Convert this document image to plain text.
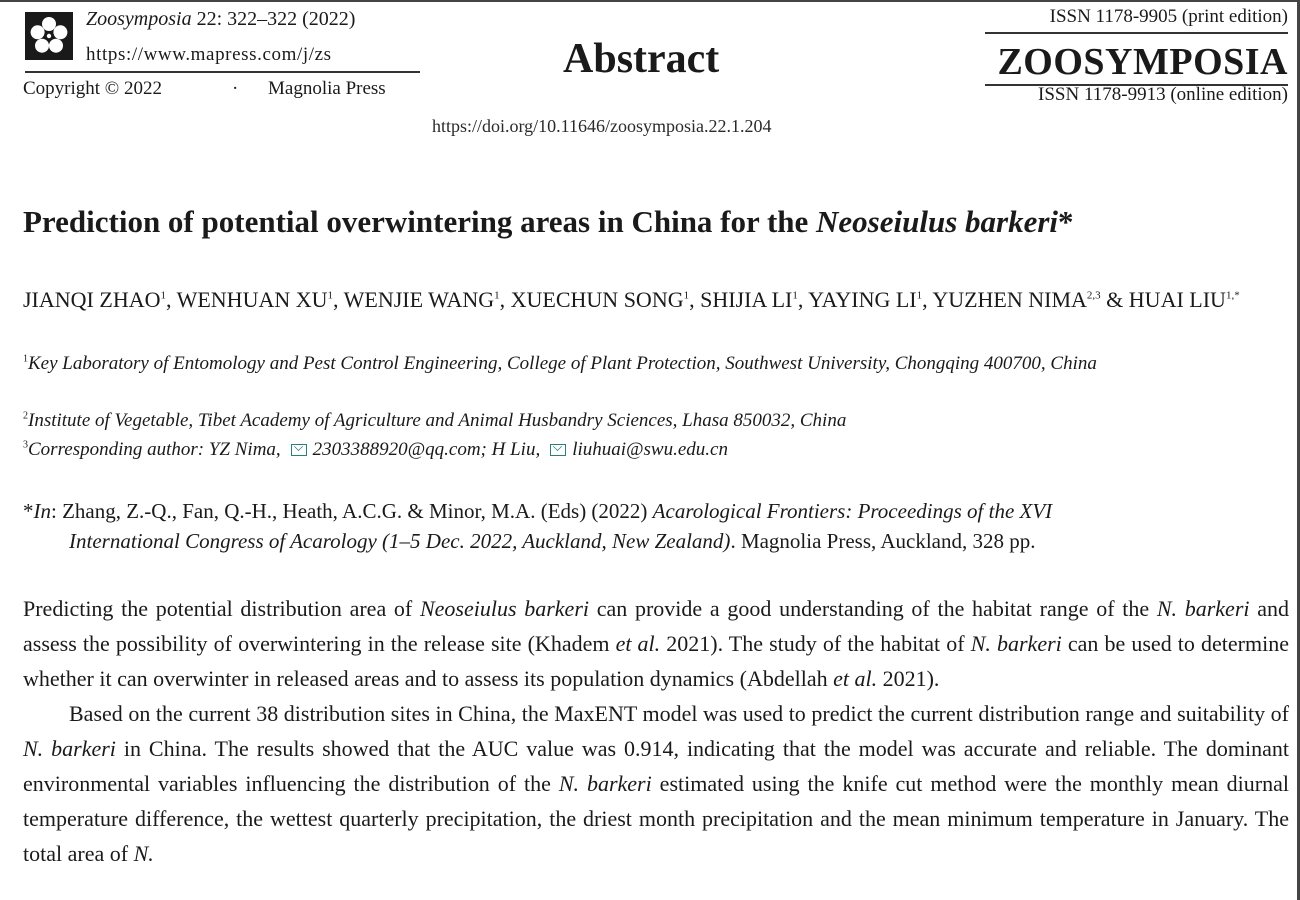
Zoosymposia 22: 322–322 (2022)
https://www.mapress.com/j/zs
Copyright © 2022	· Magnolia Press
Abstract
https://doi.org/10.11646/zoosymposia.22.1.204
ISSN 1178-9905 (print edition)
ZOOSYMPOSIA
ISSN 1178-9913 (online edition)
Prediction of potential overwintering areas in China for the Neoseiulus barkeri*
JIANQI ZHAO$^1$, WENHUAN $XU^1$, WENJIE WANG$^1$, XUECHUN SONG$^1$, SHIJIA $LI^1$, YAYING $LI^1$, YUZHEN NIMA$^{2,3}$ & HUAI $LIU^{1,*}$
$^1$Key Laboratory of Entomology and Pest Control Engineering, College of Plant Protection, Southwest University, Chongqing 400700, China
$^2$Institute of Vegetable, Tibet Academy of Agriculture and Animal Husbandry Sciences, Lhasa 850032, China
$^3$Corresponding author: YZ Nima, 2303388920@qq.com; H Liu, liuhuai@swu.edu.cn
*In: Zhang, Z.-Q., Fan, Q.-H., Heath, A.C.G. & Minor, M.A. (Eds) (2022) Acarological Frontiers: Proceedings of the XVI
International Congress of Acarology (1–5 Dec. 2022, Auckland, New Zealand). Magnolia Press, Auckland, 328 pp.

Predicting the potential distribution area of Neoseiulus barkeri can provide a good understanding of the habitat range of the N. barkeri and assess the possibility of overwintering in the release site (Khadem et al. 2021). The study of the habitat of N. barkeri can be used to determine whether it can overwinter in released areas and to assess its population dynamics (Abdellah et al. 2021).

Based on the current 38 distribution sites in China, the MaxENT model was used to predict the current distribution range and suitability of N. barkeri in China. The results showed that the AUC value was 0.914, indicating that the model was accurate and reliable. The dominant environmental variables influencing the distribution of the N. barkeri estimated using the knife cut method were the monthly mean diurnal temperature difference, the wettest quarterly precipitation, the driest month precipitation and the mean minimum temperature in January. The total area of N.
